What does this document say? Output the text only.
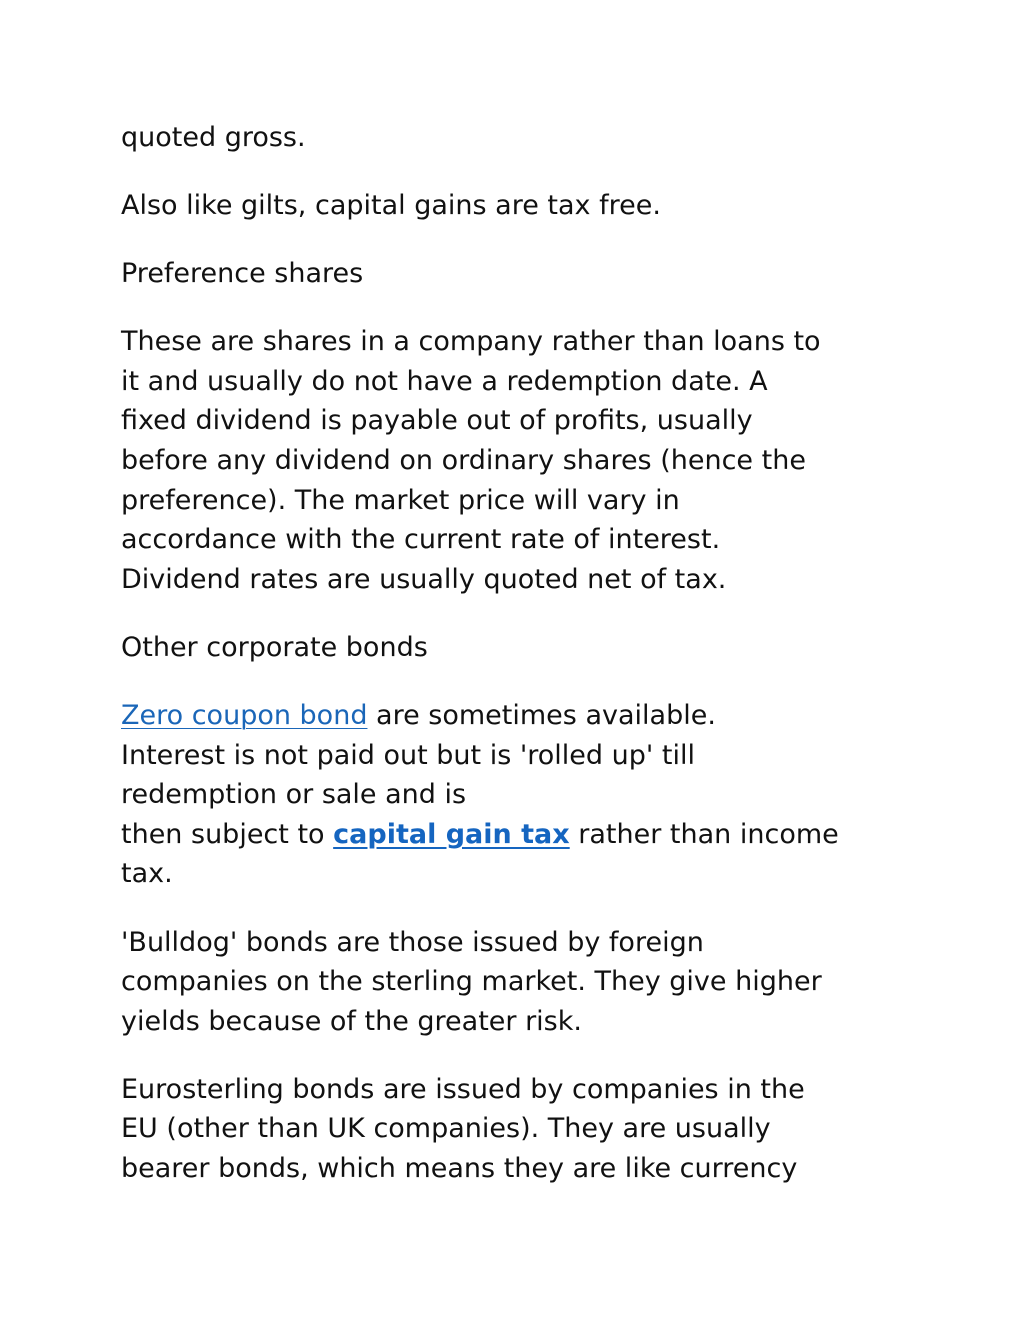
quoted gross.

Also like gilts, capital gains are tax free.

Preference shares

These are shares in a company rather than loans to
it and usually do not have a redemption date. A
fixed dividend is payable out of profits, usually
before any dividend on ordinary shares (hence the
preference). The market price will vary in
accordance with the current rate of interest.
Dividend rates are usually quoted net of tax.

Other corporate bonds

Zero coupon bond are sometimes available.
Interest is not paid out but is 'rolled up' till
redemption or sale and is
then subject to capital gain tax rather than income
tax.

'Bulldog' bonds are those issued by foreign
companies on the sterling market. They give higher
yields because of the greater risk.

Eurosterling bonds are issued by companies in the
EU (other than UK companies). They are usually
bearer bonds, which means they are like currency
